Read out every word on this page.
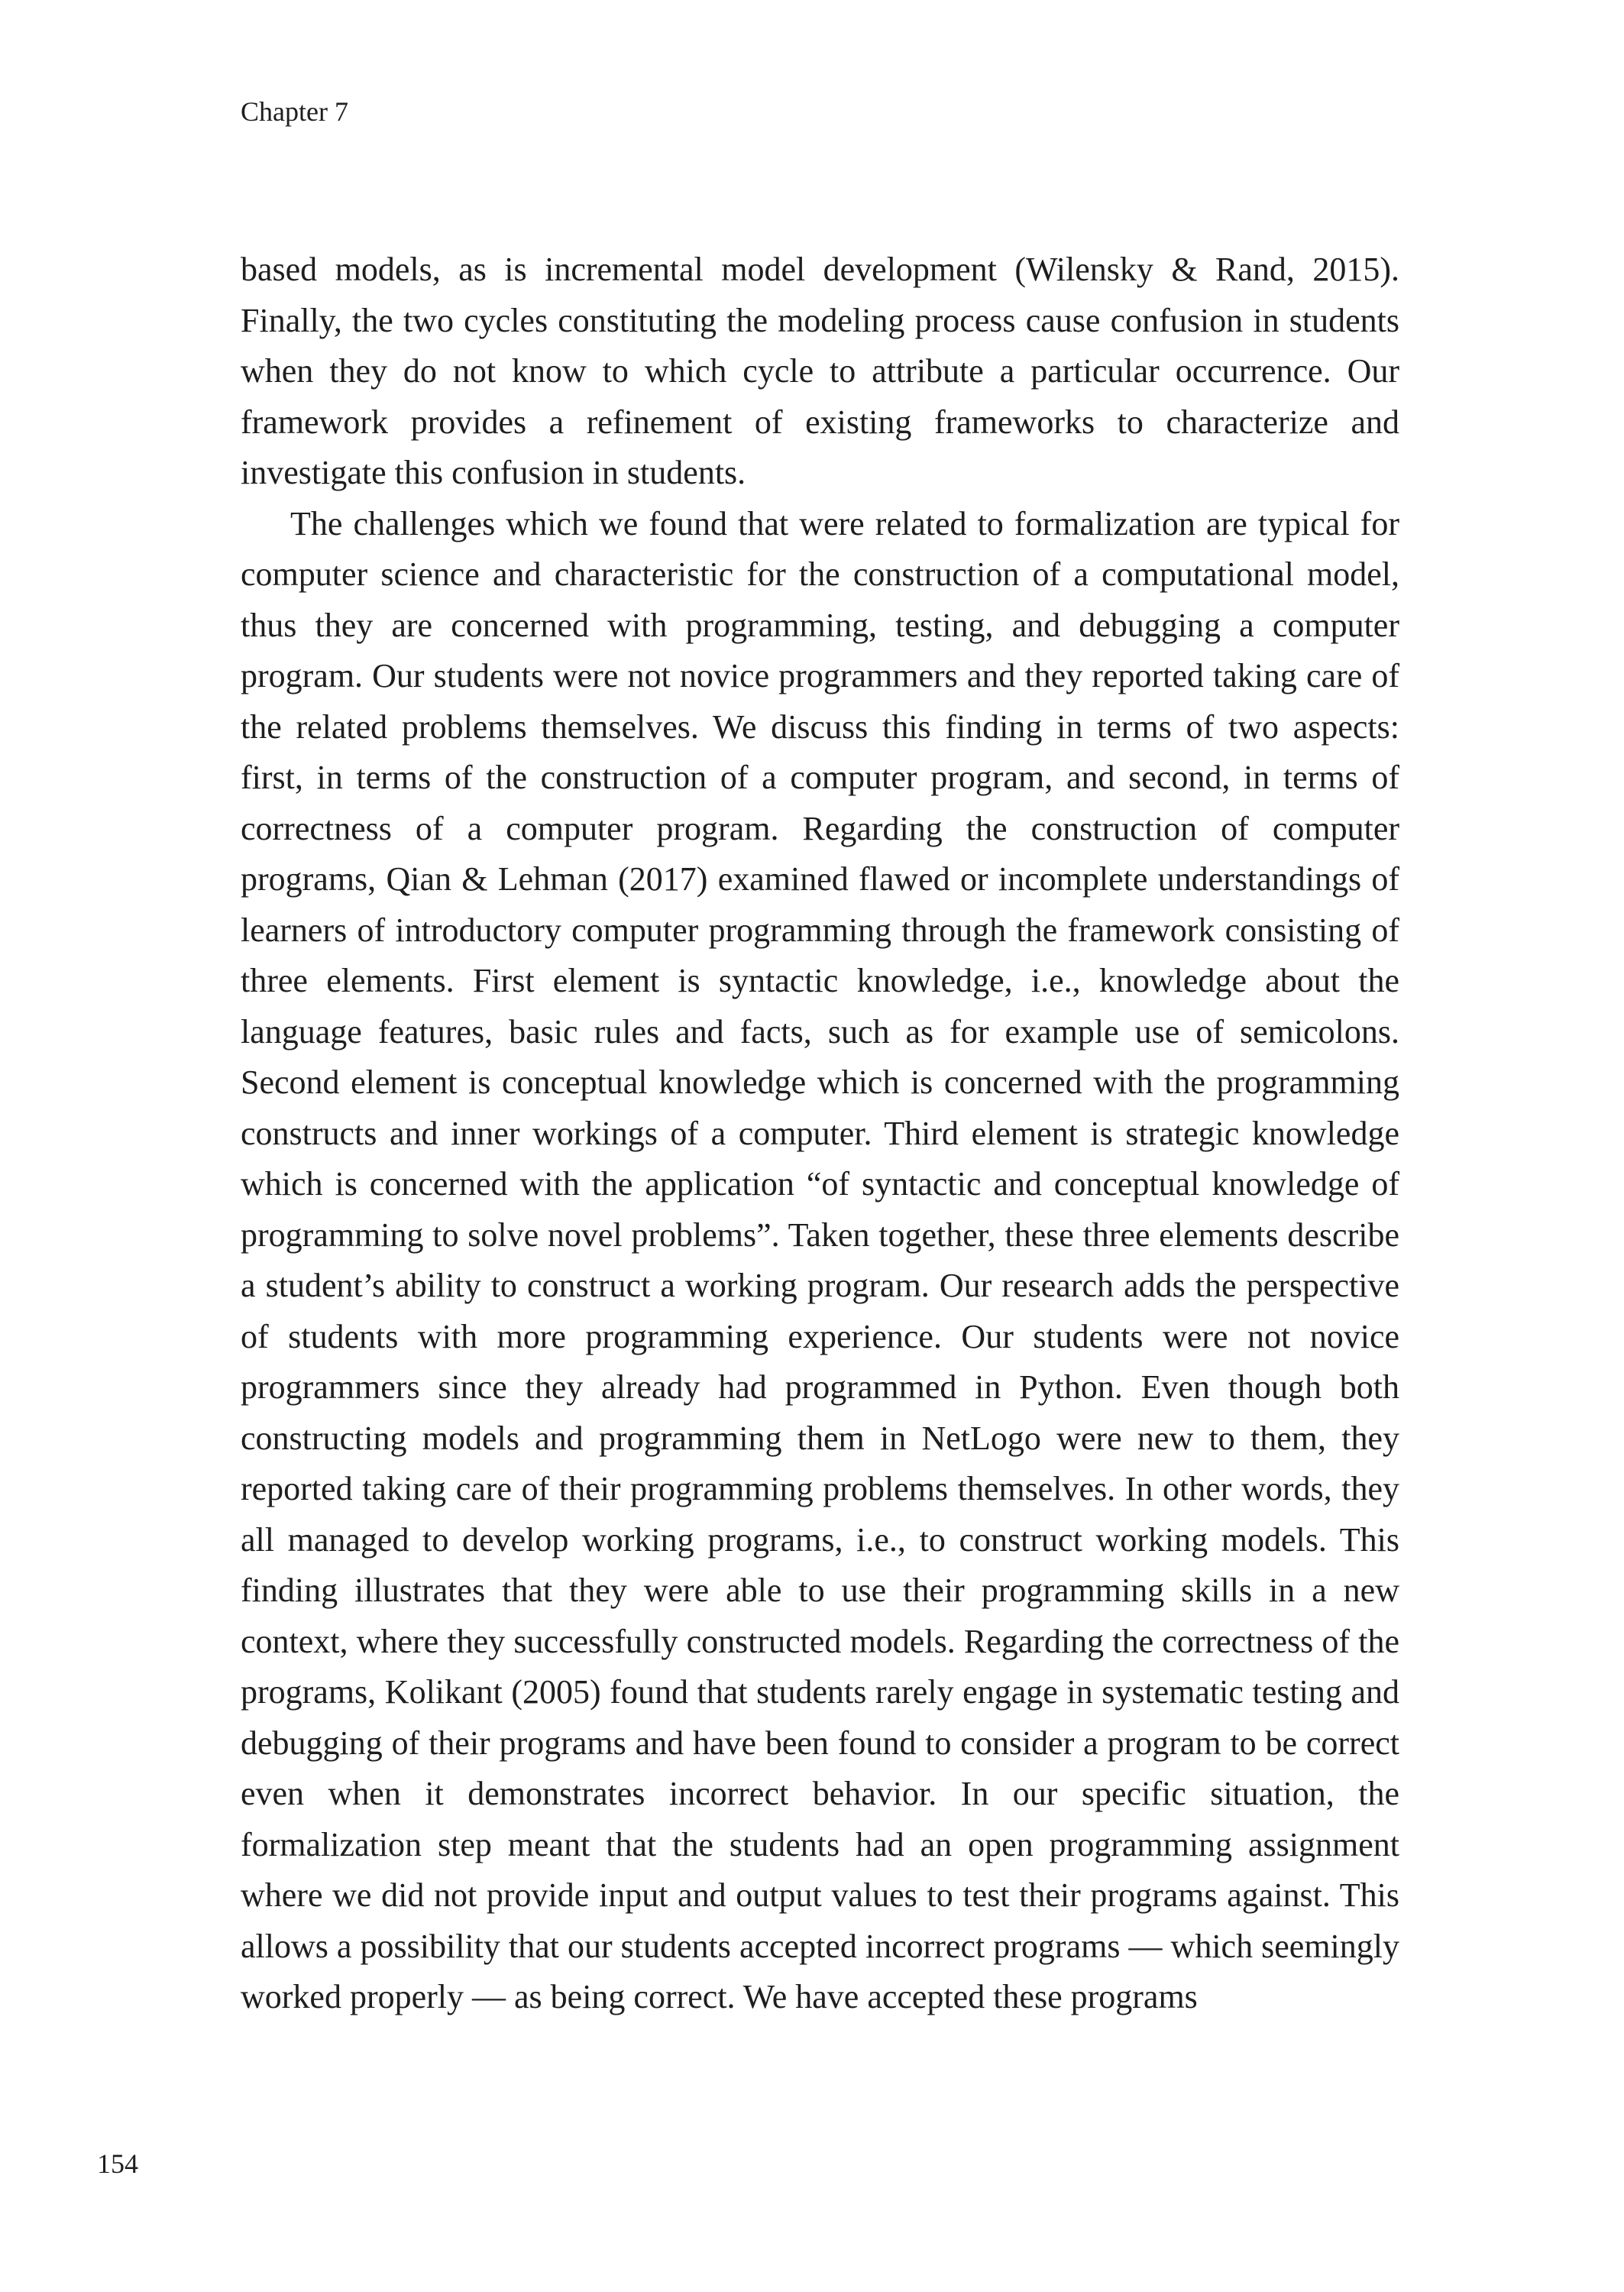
Chapter 7

based models, as is incremental model development (Wilensky & Rand, 2015). Finally, the two cycles constituting the modeling process cause confusion in students when they do not know to which cycle to attribute a particular occurrence. Our framework provides a refinement of existing frameworks to characterize and investigate this confusion in students.

The challenges which we found that were related to formalization are typical for computer science and characteristic for the construction of a computational model, thus they are concerned with programming, testing, and debugging a computer program. Our students were not novice programmers and they reported taking care of the related problems themselves. We discuss this finding in terms of two aspects: first, in terms of the construction of a computer program, and second, in terms of correctness of a computer program. Regarding the construction of computer programs, Qian & Lehman (2017) examined flawed or incomplete understandings of learners of introductory computer programming through the framework consisting of three elements. First element is syntactic knowledge, i.e., knowledge about the language features, basic rules and facts, such as for example use of semicolons. Second element is conceptual knowledge which is concerned with the programming constructs and inner workings of a computer. Third element is strategic knowledge which is concerned with the application “of syntactic and conceptual knowledge of programming to solve novel problems”. Taken together, these three elements describe a student’s ability to construct a working program. Our research adds the perspective of students with more programming experience. Our students were not novice programmers since they already had programmed in Python. Even though both constructing models and programming them in NetLogo were new to them, they reported taking care of their programming problems themselves. In other words, they all managed to develop working programs, i.e., to construct working models. This finding illustrates that they were able to use their programming skills in a new context, where they successfully constructed models. Regarding the correctness of the programs, Kolikant (2005) found that students rarely engage in systematic testing and debugging of their programs and have been found to consider a program to be correct even when it demonstrates incorrect behavior. In our specific situation, the formalization step meant that the students had an open programming assignment where we did not provide input and output values to test their programs against. This allows a possibility that our students accepted incorrect programs — which seemingly worked properly — as being correct. We have accepted these programs

154
